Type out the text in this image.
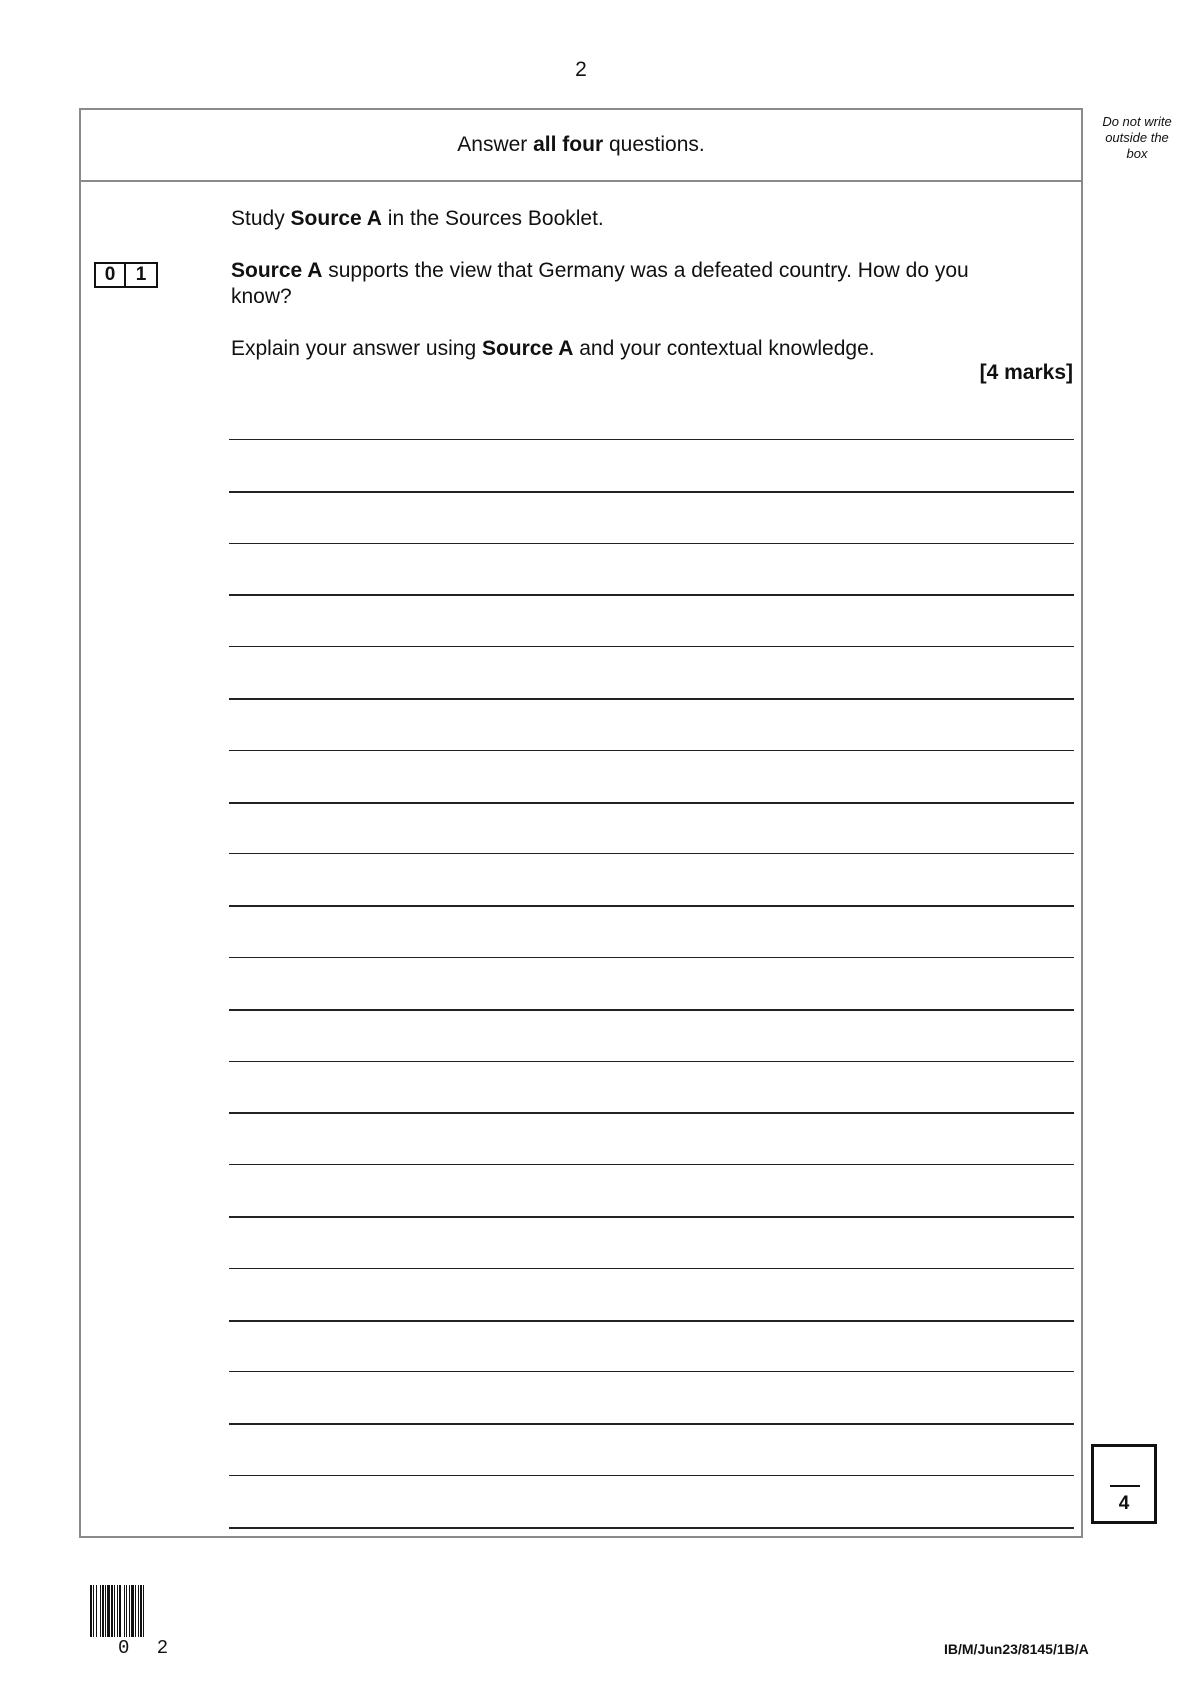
2
Do not write
outside the
box
Answer all four questions.
0	1
Study Source A in the Sources Booklet.
Source A supports the view that Germany was a defeated country. How do you know?
Explain your answer using Source A and your contextual knowledge.
[4 marks]
4
0 2	IB/M/Jun23/8145/1B/A
